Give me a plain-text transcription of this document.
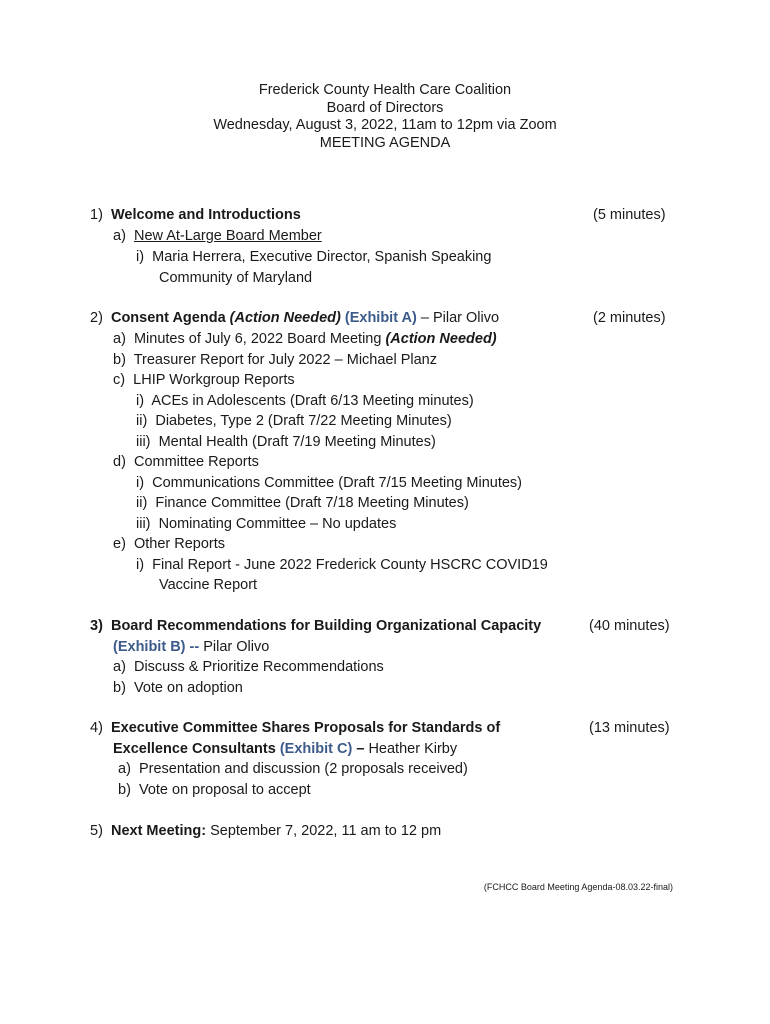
Frederick County Health Care Coalition
Board of Directors
Wednesday, August 3, 2022, 11am to 12pm via Zoom
MEETING AGENDA
1) Welcome and Introductions	(5 minutes)
a) New At-Large Board Member
i) Maria Herrera, Executive Director, Spanish Speaking
Community of Maryland
2) Consent Agenda (Action Needed) (Exhibit A) – Pilar Olivo	(2 minutes)
a) Minutes of July 6, 2022 Board Meeting (Action Needed)
b) Treasurer Report for July 2022 – Michael Planz
c) LHIP Workgroup Reports
i) ACEs in Adolescents (Draft 6/13 Meeting minutes)
ii) Diabetes, Type 2 (Draft 7/22 Meeting Minutes)
iii) Mental Health (Draft 7/19 Meeting Minutes)
d) Committee Reports
i) Communications Committee (Draft 7/15 Meeting Minutes)
ii) Finance Committee (Draft 7/18 Meeting Minutes)
iii) Nominating Committee – No updates
e) Other Reports
i) Final Report - June 2022 Frederick County HSCRC COVID19
Vaccine Report
3) Board Recommendations for Building Organizational Capacity	(40 minutes)
(Exhibit B) -- Pilar Olivo
a) Discuss & Prioritize Recommendations
b) Vote on adoption
4) Executive Committee Shares Proposals for Standards of	(13 minutes)
Excellence Consultants (Exhibit C) – Heather Kirby
a) Presentation and discussion (2 proposals received)
b) Vote on proposal to accept
5) Next Meeting: September 7, 2022, 11 am to 12 pm
(FCHCC Board Meeting Agenda-08.03.22-final)
